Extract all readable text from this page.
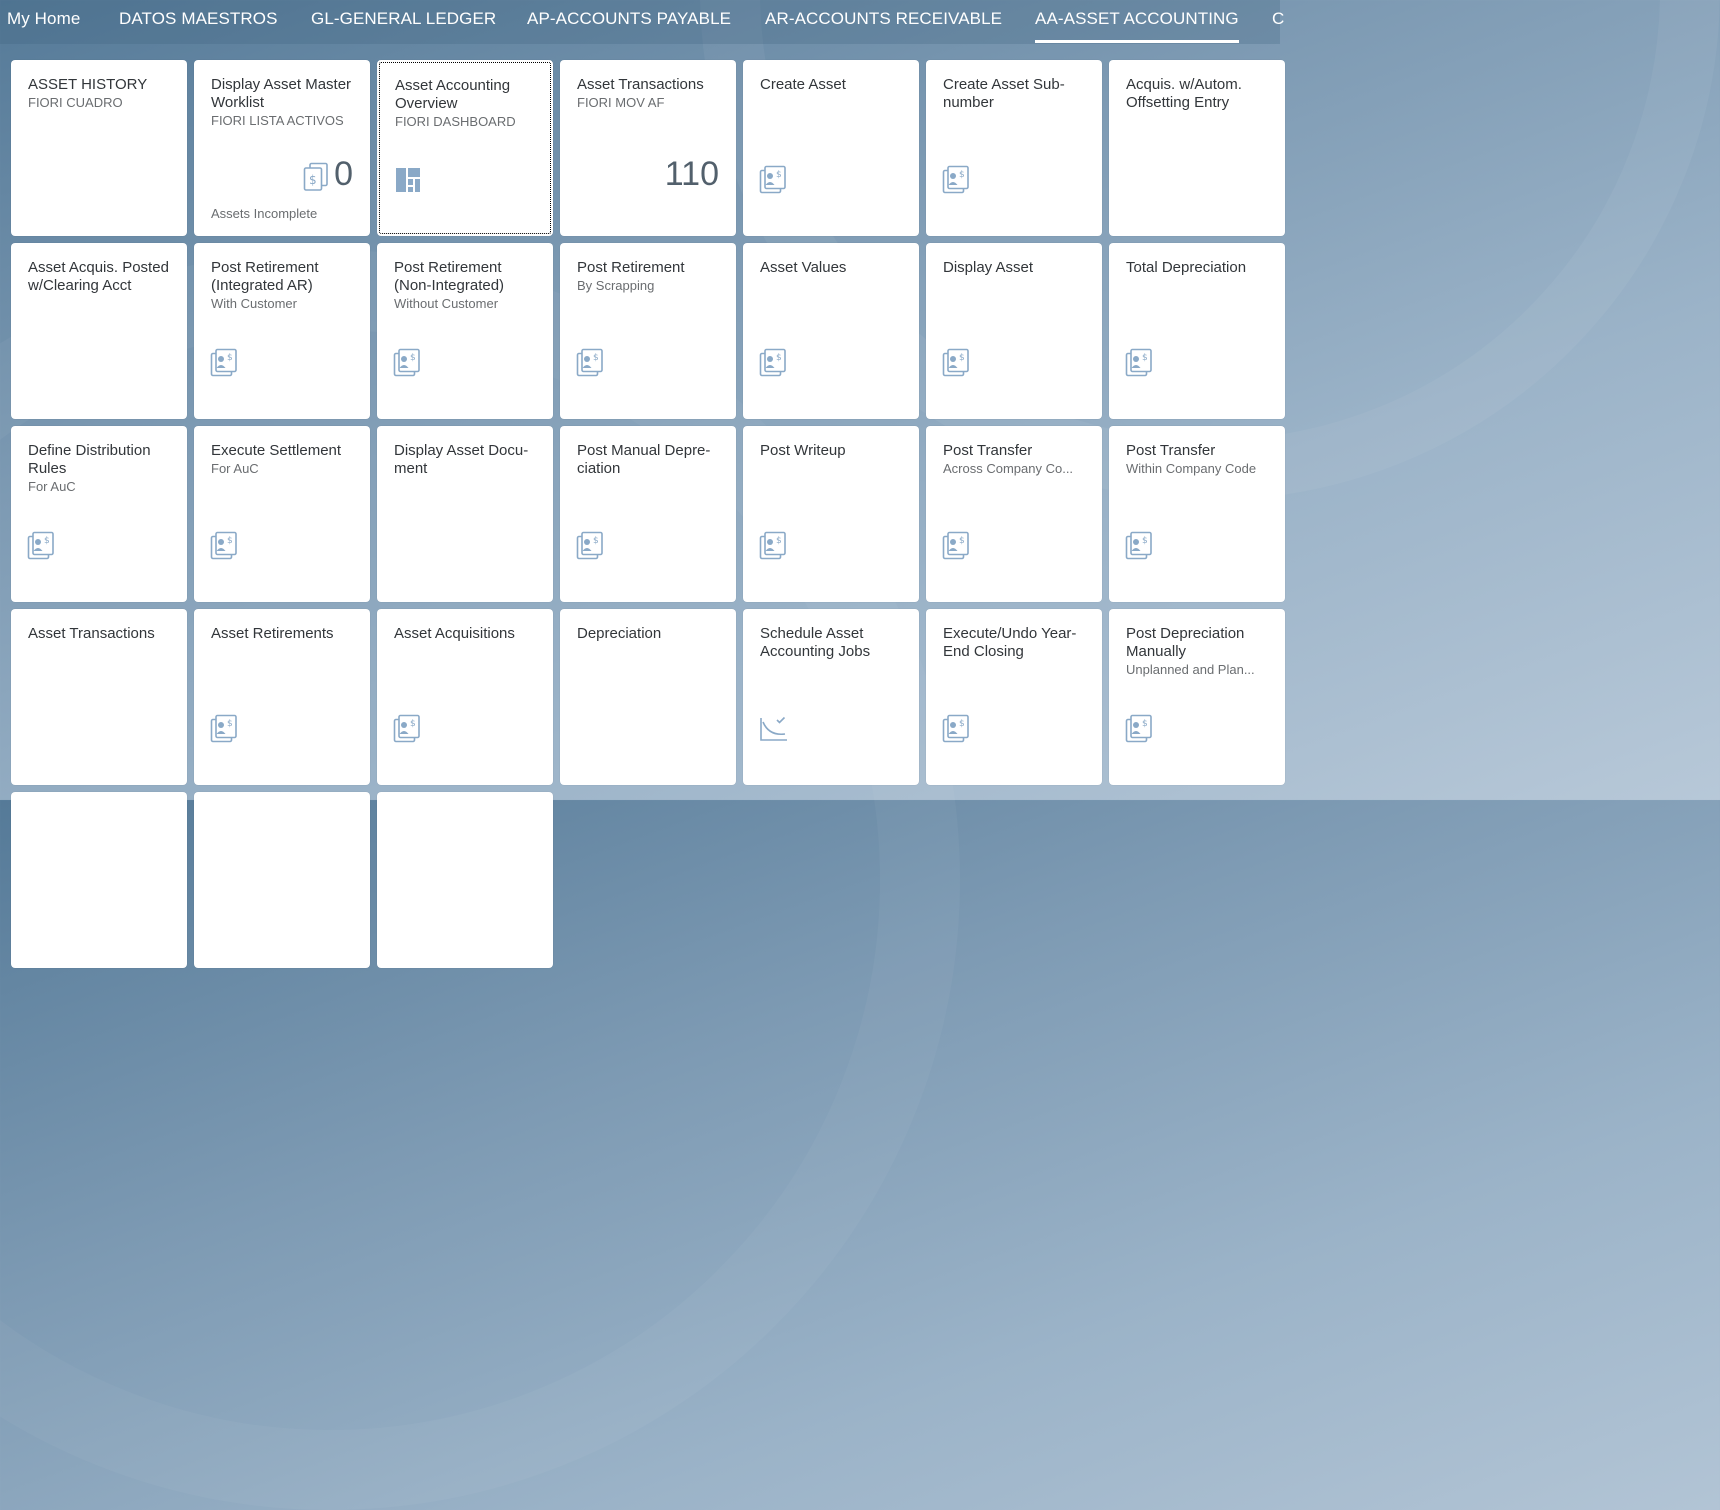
My Home DATOS MAESTROS GL-GENERAL LEDGER AP-ACCOUNTS PAYABLE AR-ACCOUNTS RECEIVABLE AA-ASSET ACCOUNTING C
ASSET HISTORY
FIORI CUADRO
Display Asset Master Worklist
FIORI LISTA ACTIVOS
0
$
Assets Incomplete
Asset Accounting Overview
FIORI DASHBOARD
Asset Transactions
FIORI MOV AF
110
Create Asset
$
Create Asset Subnumber
$
Acquis. w/Autom. Offsetting Entry
Asset Acquis. Posted w/Clearing Acct
Post Retirement (Integrated AR)
With Customer
$
Post Retirement (Non-Integrated)
Without Customer
$
Post Retirement
By Scrapping
$
Asset Values
$
Display Asset
$
Total Depreciation
$
Define Distribution Rules
For AuC
$
Execute Settlement
For AuC
$
Display Asset Document
Post Manual Depreciation
$
Post Writeup
$
Post Transfer
Across Company Co...
$
Post Transfer
Within Company Code
$
Asset Transactions	Asset Retirements
$
Asset Acquisitions
$
Depreciation	Schedule Asset Accounting Jobs
Execute/Undo Year-End Closing
$
Post Depreciation Manually
Unplanned and Plan...
$
